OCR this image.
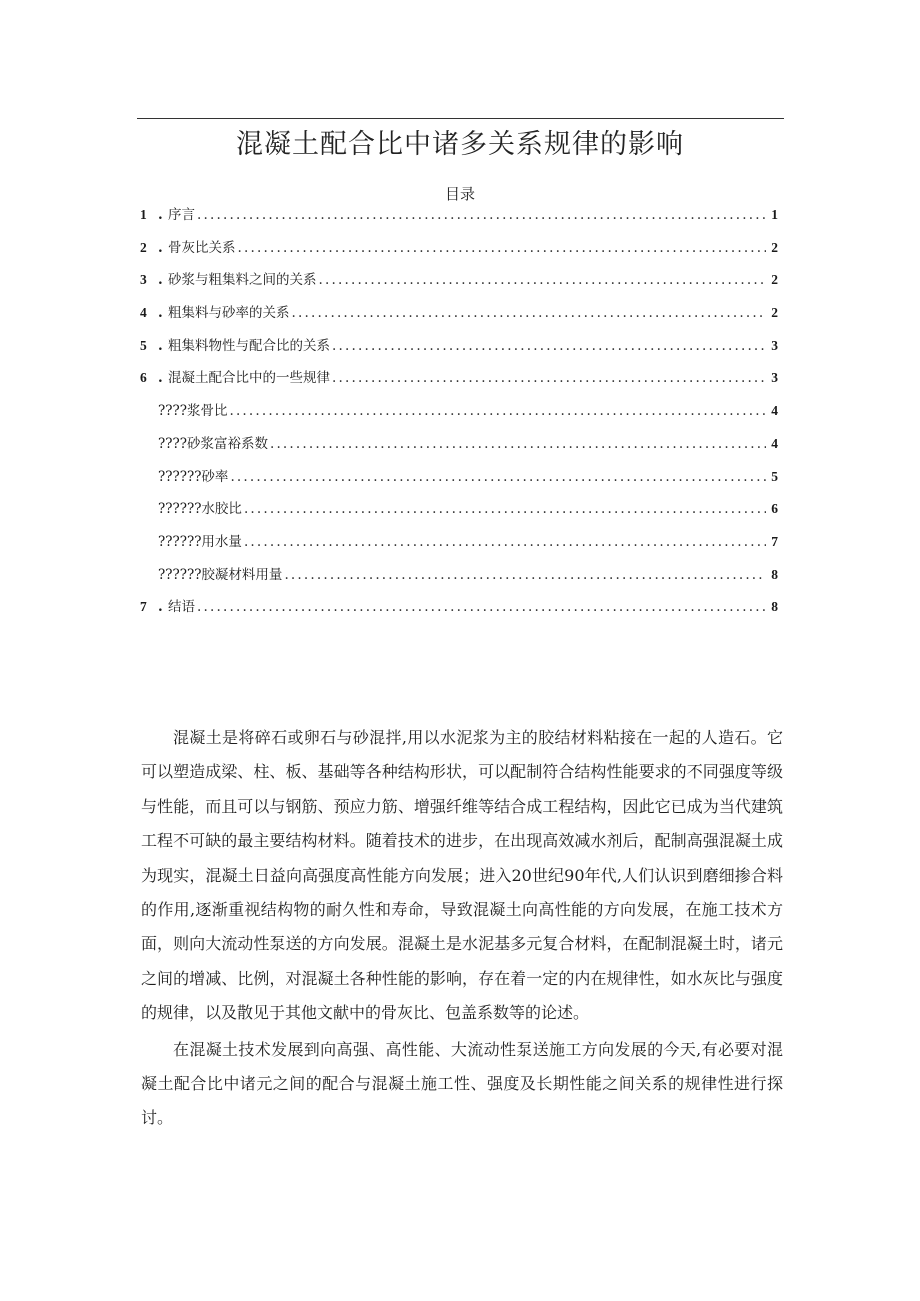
混凝土配合比中诸多关系规律的影响
目录
1 . 序言 .....	1
2 . 骨灰比关系 .....	2
3 . 砂浆与粗集料之间的关系 .....	2
4 . 粗集料与砂率的关系 .....	2
5 . 粗集料物性与配合比的关系 .....	3
6 . 混凝土配合比中的一些规律 .....	3
????浆骨比 .....	4
????砂浆富裕系数 .....	4
??????砂率 .....	5
??????水胶比 .....	6
??????用水量 .....	7
??????胶凝材料用量 .....	8
7 . 结语 .....	8

混凝土是将碎石或卵石与砂混拌,用以水泥浆为主的胶结材料粘接在一起的人造石。它可以塑造成梁、柱、板、基础等各种结构形状，可以配制符合结构性能要求的不同强度等级与性能，而且可以与钢筋、预应力筋、增强纤维等结合成工程结构，因此它已成为当代建筑工程不可缺的最主要结构材料。随着技术的进步，在出现高效减水剂后，配制高强混凝土成为现实，混凝土日益向高强度高性能方向发展；进入20世纪90年代,人们认识到磨细掺合料的作用,逐渐重视结构物的耐久性和寿命，导致混凝土向高性能的方向发展，在施工技术方面，则向大流动性泵送的方向发展。混凝土是水泥基多元复合材料，在配制混凝土时，诸元之间的增减、比例，对混凝土各种性能的影响，存在着一定的内在规律性，如水灰比与强度的规律，以及散见于其他文献中的骨灰比、包盖系数等的论述。

在混凝土技术发展到向高强、高性能、大流动性泵送施工方向发展的今天,有必要对混凝土配合比中诸元之间的配合与混凝土施工性、强度及长期性能之间关系的规律性进行探讨。
